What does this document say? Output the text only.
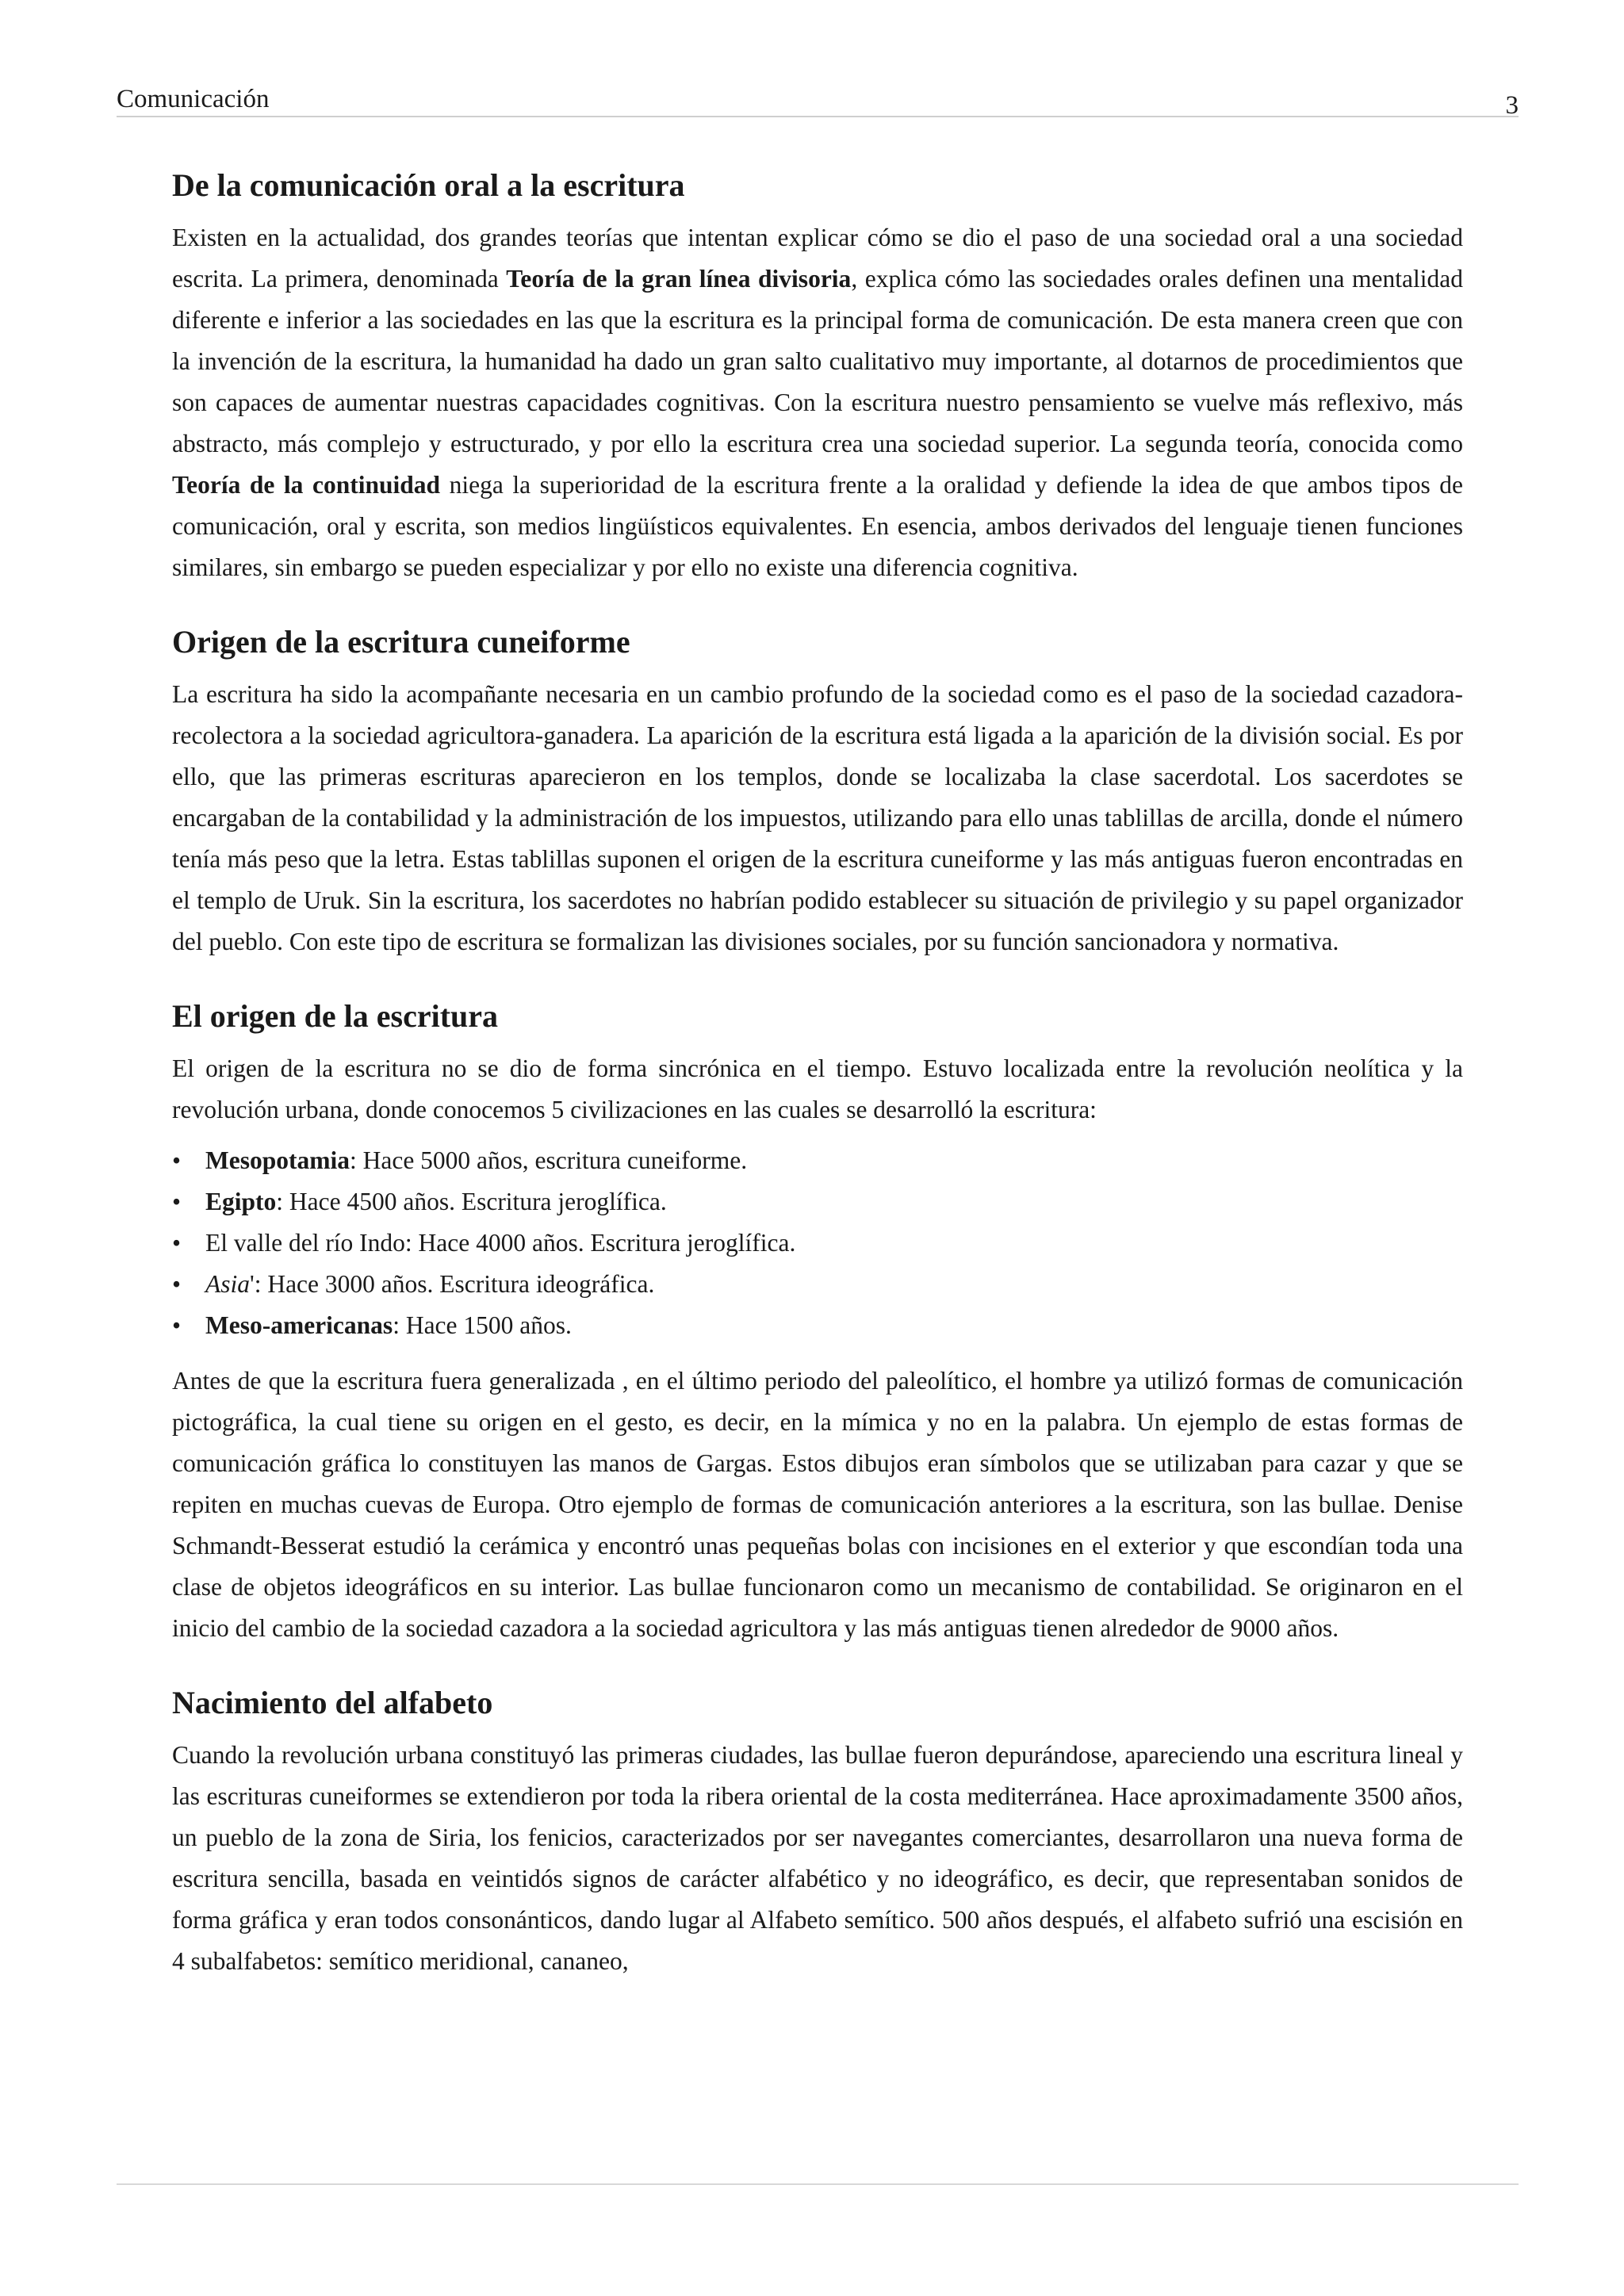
Comunicación	3
De la comunicación oral a la escritura

Existen en la actualidad, dos grandes teorías que intentan explicar cómo se dio el paso de una sociedad oral a una sociedad escrita. La primera, denominada Teoría de la gran línea divisoria, explica cómo las sociedades orales definen una mentalidad diferente e inferior a las sociedades en las que la escritura es la principal forma de comunicación. De esta manera creen que con la invención de la escritura, la humanidad ha dado un gran salto cualitativo muy importante, al dotarnos de procedimientos que son capaces de aumentar nuestras capacidades cognitivas. Con la escritura nuestro pensamiento se vuelve más reflexivo, más abstracto, más complejo y estructurado, y por ello la escritura crea una sociedad superior. La segunda teoría, conocida como Teoría de la continuidad niega la superioridad de la escritura frente a la oralidad y defiende la idea de que ambos tipos de comunicación, oral y escrita, son medios lingüísticos equivalentes. En esencia, ambos derivados del lenguaje tienen funciones similares, sin embargo se pueden especializar y por ello no existe una diferencia cognitiva.

Origen de la escritura cuneiforme

La escritura ha sido la acompañante necesaria en un cambio profundo de la sociedad como es el paso de la sociedad cazadora-recolectora a la sociedad agricultora-ganadera. La aparición de la escritura está ligada a la aparición de la división social. Es por ello, que las primeras escrituras aparecieron en los templos, donde se localizaba la clase sacerdotal. Los sacerdotes se encargaban de la contabilidad y la administración de los impuestos, utilizando para ello unas tablillas de arcilla, donde el número tenía más peso que la letra. Estas tablillas suponen el origen de la escritura cuneiforme y las más antiguas fueron encontradas en el templo de Uruk. Sin la escritura, los sacerdotes no habrían podido establecer su situación de privilegio y su papel organizador del pueblo. Con este tipo de escritura se formalizan las divisiones sociales, por su función sancionadora y normativa.

El origen de la escritura

El origen de la escritura no se dio de forma sincrónica en el tiempo. Estuvo localizada entre la revolución neolítica y la revolución urbana, donde conocemos 5 civilizaciones en las cuales se desarrolló la escritura:

• Mesopotamia: Hace 5000 años, escritura cuneiforme.
• Egipto: Hace 4500 años. Escritura jeroglífica.
• El valle del río Indo: Hace 4000 años. Escritura jeroglífica.
• Asia': Hace 3000 años. Escritura ideográfica.
• Meso-americanas: Hace 1500 años.

Antes de que la escritura fuera generalizada , en el último periodo del paleolítico, el hombre ya utilizó formas de comunicación pictográfica, la cual tiene su origen en el gesto, es decir, en la mímica y no en la palabra. Un ejemplo de estas formas de comunicación gráfica lo constituyen las manos de Gargas. Estos dibujos eran símbolos que se utilizaban para cazar y que se repiten en muchas cuevas de Europa. Otro ejemplo de formas de comunicación anteriores a la escritura, son las bullae. Denise Schmandt-Besserat estudió la cerámica y encontró unas pequeñas bolas con incisiones en el exterior y que escondían toda una clase de objetos ideográficos en su interior. Las bullae funcionaron como un mecanismo de contabilidad. Se originaron en el inicio del cambio de la sociedad cazadora a la sociedad agricultora y las más antiguas tienen alrededor de 9000 años.

Nacimiento del alfabeto

Cuando la revolución urbana constituyó las primeras ciudades, las bullae fueron depurándose, apareciendo una escritura lineal y las escrituras cuneiformes se extendieron por toda la ribera oriental de la costa mediterránea. Hace aproximadamente 3500 años, un pueblo de la zona de Siria, los fenicios, caracterizados por ser navegantes comerciantes, desarrollaron una nueva forma de escritura sencilla, basada en veintidós signos de carácter alfabético y no ideográfico, es decir, que representaban sonidos de forma gráfica y eran todos consonánticos, dando lugar al Alfabeto semítico. 500 años después, el alfabeto sufrió una escisión en 4 subalfabetos: semítico meridional, cananeo,
